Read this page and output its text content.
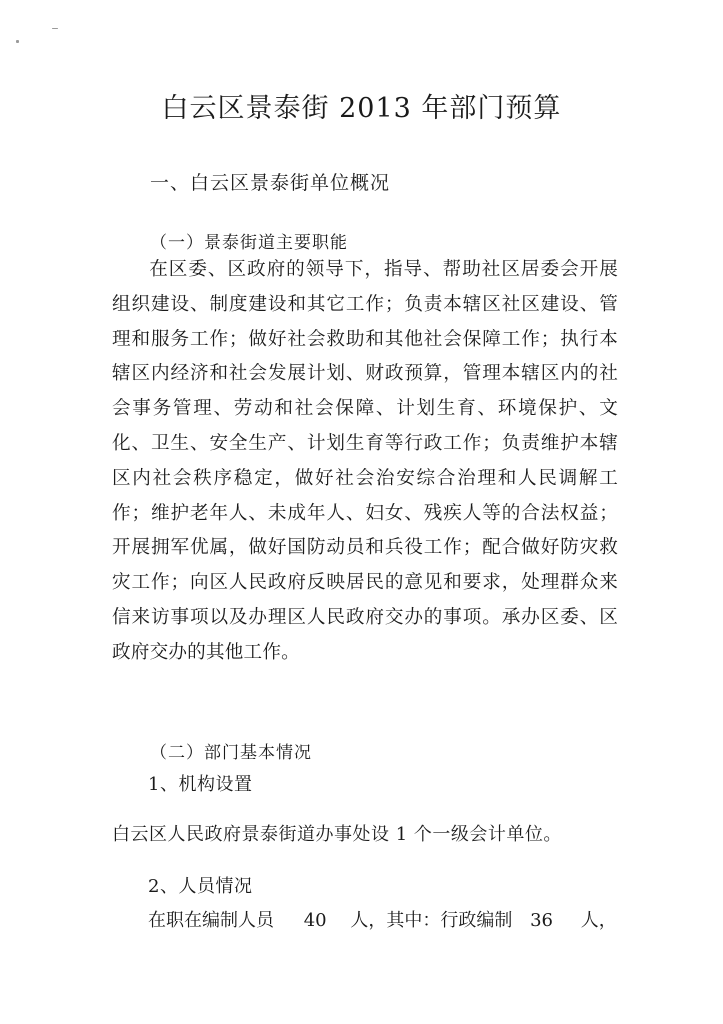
白云区景泰街 2013 年部门预算
一、白云区景泰街单位概况
（一）景泰街道主要职能

在区委、区政府的领导下，指导、帮助社区居委会开展组织建设、制度建设和其它工作；负责本辖区社区建设、管理和服务工作；做好社会救助和其他社会保障工作；执行本辖区内经济和社会发展计划、财政预算，管理本辖区内的社会事务管理、劳动和社会保障、计划生育、环境保护、文化、卫生、安全生产、计划生育等行政工作；负责维护本辖区内社会秩序稳定，做好社会治安综合治理和人民调解工作；维护老年人、未成年人、妇女、残疾人等的合法权益；开展拥军优属，做好国防动员和兵役工作；配合做好防灾救灾工作；向区人民政府反映居民的意见和要求，处理群众来信来访事项以及办理区人民政府交办的事项。承办区委、区政府交办的其他工作。

（二）部门基本情况
1、机构设置
白云区人民政府景泰街道办事处设 1 个一级会计单位。
2、人员情况
在职在编制人员 40 人，其中：行政编制 36 人，
